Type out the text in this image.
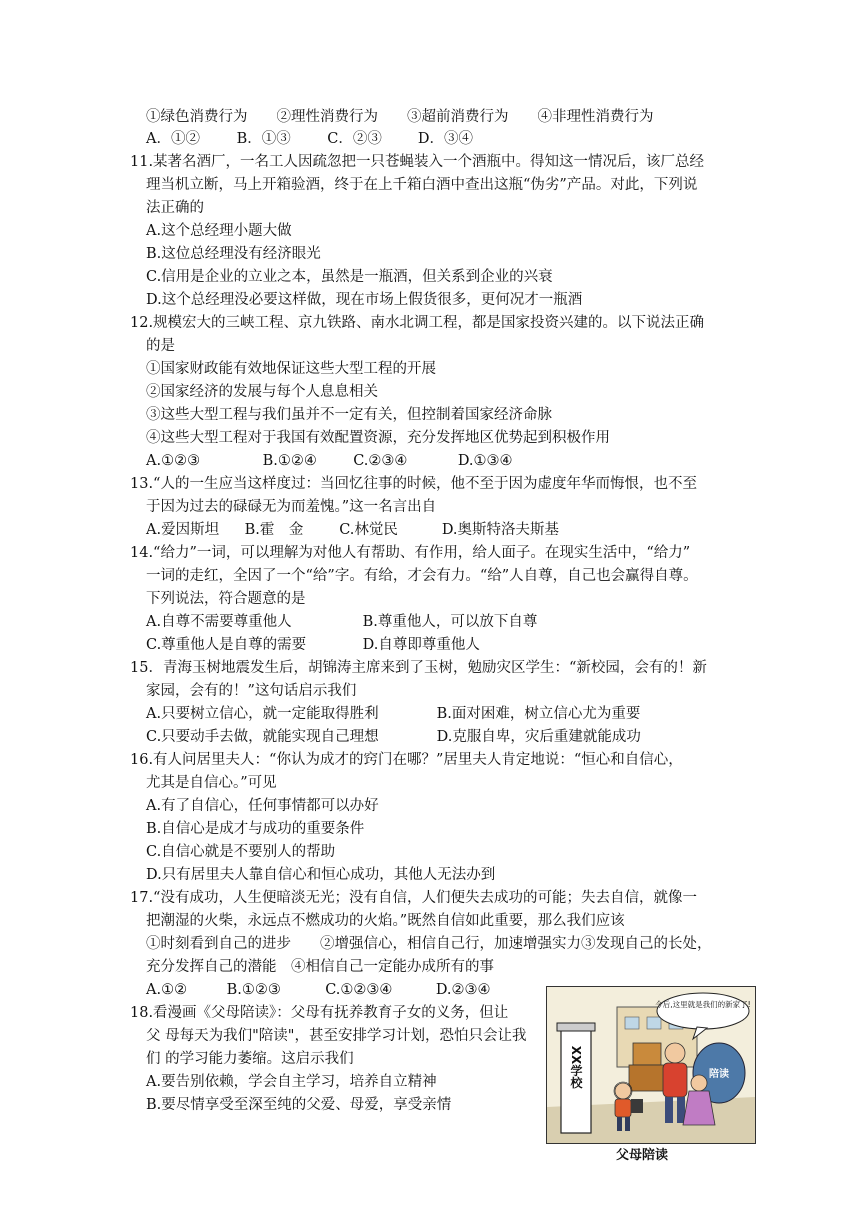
①绿色消费行为　　②理性消费行为　　③超前消费行为　　④非理性消费行为
A．①②	B．①③	C．②③ D．③④
11.某著名酒厂，一名工人因疏忽把一只苍蝇装入一个酒瓶中。得知这一情况后，该厂总经
理当机立断，马上开箱验酒，终于在上千箱白酒中查出这瓶“伪劣”产品。对此，下列说
法正确的
A.这个总经理小题大做
B.这位总经理没有经济眼光
C.信用是企业的立业之本，虽然是一瓶酒，但关系到企业的兴衰
D.这个总经理没必要这样做，现在市场上假货很多，更何况才一瓶酒
12.规模宏大的三峡工程、京九铁路、南水北调工程，都是国家投资兴建的。以下说法正确
的是
①国家财政能有效地保证这些大型工程的开展
②国家经济的发展与每个人息息相关
③这些大型工程与我们虽并不一定有关，但控制着国家经济命脉
④这些大型工程对于我国有效配置资源，充分发挥地区优势起到积极作用
A.①②③	B.①②④	C.②③④	D.①③④
13.“人的一生应当这样度过：当回忆往事的时候，他不至于因为虚度年华而悔恨，也不至
于因为过去的碌碌无为而羞愧。”这一名言出自
A.爱因斯坦 B.霍　金 C.林觉民	D.奥斯特洛夫斯基
14.“给力”一词，可以理解为对他人有帮助、有作用，给人面子。在现实生活中，“给力”
一词的走红，全因了一个“给”字。有给，才会有力。“给”人自尊，自己也会赢得自尊。
下列说法，符合题意的是
A.自尊不需要尊重他人	B.尊重他人，可以放下自尊
C.尊重他人是自尊的需要	D.自尊即尊重他人
15．青海玉树地震发生后，胡锦涛主席来到了玉树，勉励灾区学生：“新校园，会有的！新
家园，会有的！”这句话启示我们
A.只要树立信心，就一定能取得胜利	B.面对困难，树立信心尤为重要
C.只要动手去做，就能实现自己理想	D.克服自卑，灾后重建就能成功
16.有人问居里夫人：“你认为成才的窍门在哪？”居里夫人肯定地说：“恒心和自信心，
尤其是自信心。”可见
A.有了自信心，任何事情都可以办好
B.自信心是成才与成功的重要条件
C.自信心就是不要别人的帮助
D.只有居里夫人靠自信心和恒心成功，其他人无法办到
17.“没有成功，人生便暗淡无光；没有自信，人们便失去成功的可能；失去自信，就像一
把潮湿的火柴，永远点不燃成功的火焰。”既然自信如此重要，那么我们应该
①时刻看到自己的进步　　②增强信心，相信自己行，加速增强实力③发现自己的长处，
充分发挥自己的潜能　④相信自己一定能办成所有的事
A.①②	B.①②③	C.①②③④	D.②③④
18.看漫画《父母陪读》：父母有抚养教育子女的义务，但让
父 母每天为我们"陪读"，甚至安排学习计划，恐怕只会让我
们 的学习能力萎缩。这启示我们
A.要告别依赖，学会自主学习，培养自立精神
B.要尽情享受至深至纯的父爱、母爱，享受亲情
今后,这里就是我们的新家了!
陪读
XX学校
父母陪读
